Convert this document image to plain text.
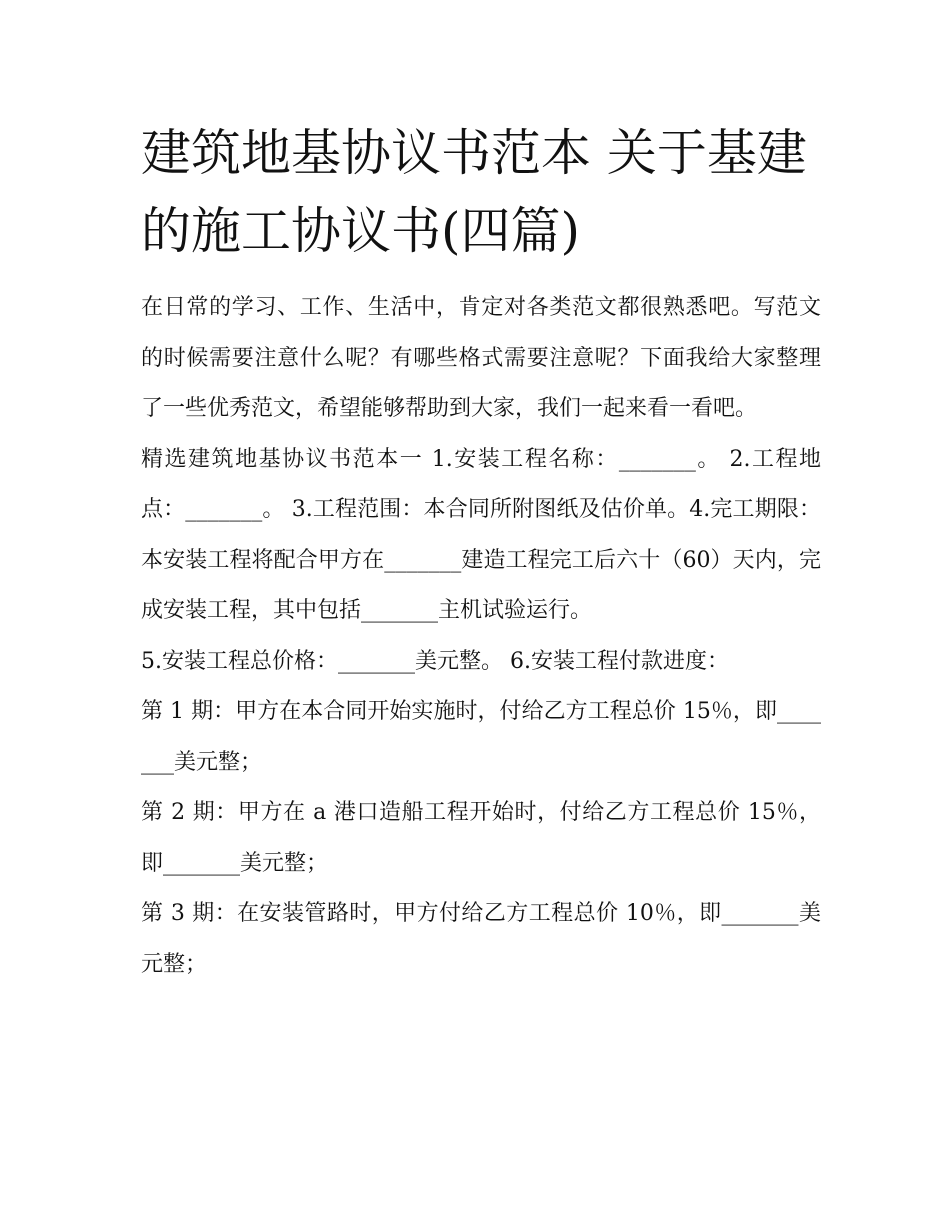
建筑地基协议书范本 关于基建的施工协议书(四篇)

在日常的学习、工作、生活中，肯定对各类范文都很熟悉吧。写范文的时候需要注意什么呢？有哪些格式需要注意呢？下面我给大家整理了一些优秀范文，希望能够帮助到大家，我们一起来看一看吧。

精选建筑地基协议书范本一 1.安装工程名称：_______。 2.工程地点：_______。 3.工程范围：本合同所附图纸及估价单。4.完工期限：本安装工程将配合甲方在_______建造工程完工后六十（60）天内，完成安装工程，其中包括_______主机试验运行。

5.安装工程总价格：_______美元整。 6.安装工程付款进度：

第 1 期：甲方在本合同开始实施时，付给乙方工程总价 15％，即_______美元整；

第 2 期：甲方在 a 港口造船工程开始时，付给乙方工程总价 15％，即_______美元整；

第 3 期：在安装管路时，甲方付给乙方工程总价 10％，即_______美元整；
